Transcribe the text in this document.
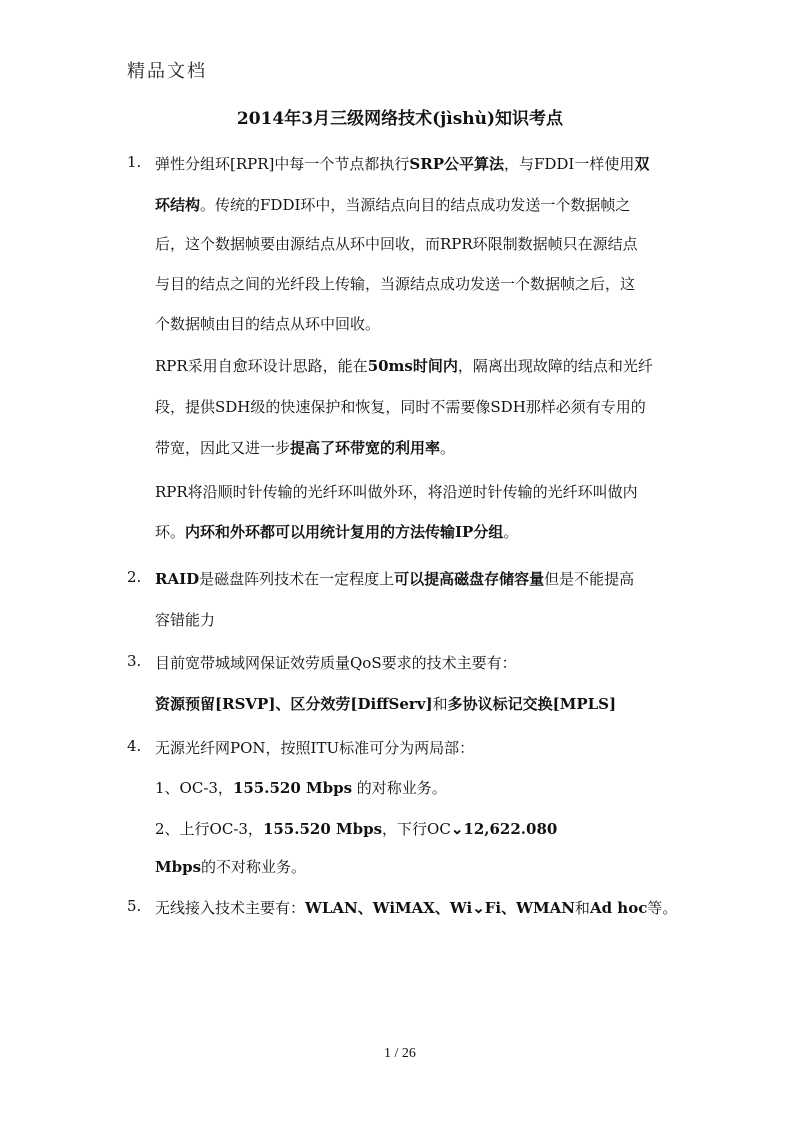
精品文档
2014年3月三级网络技术(jìshù)知识考点
1. 弹性分组环[RPR]中每一个节点都执行SRP公平算法，与FDDI一样使用双
环结构。传统的FDDI环中，当源结点向目的结点成功发送一个数据帧之
后，这个数据帧要由源结点从环中回收，而RPR环限制数据帧只在源结点
与目的结点之间的光纤段上传输，当源结点成功发送一个数据帧之后，这
个数据帧由目的结点从环中回收。
RPR采用自愈环设计思路，能在50ms时间内，隔离出现故障的结点和光纤
段，提供SDH级的快速保护和恢复，同时不需要像SDH那样必须有专用的
带宽，因此又进一步提高了环带宽的利用率。
RPR将沿顺时针传输的光纤环叫做外环，将沿逆时针传输的光纤环叫做内
环。内环和外环都可以用统计复用的方法传输IP分组。
2. RAID是磁盘阵列技术在一定程度上可以提高磁盘存储容量但是不能提高
容错能力
3. 目前宽带城域网保证效劳质量QoS要求的技术主要有：
资源预留[RSVP]、区分效劳[DiffServ]和多协议标记交换[MPLS]
4. 无源光纤网PON，按照ITU标准可分为两局部：
1、OC-3，155.520 Mbps 的对称业务。
2、上行OC-3，155.520 Mbps，下行OC⌄12,622.080
Mbps的不对称业务。
5. 无线接入技术主要有：WLAN、WiMAX、Wi⌄Fi、WMAN和Ad hoc等。
1 / 26
